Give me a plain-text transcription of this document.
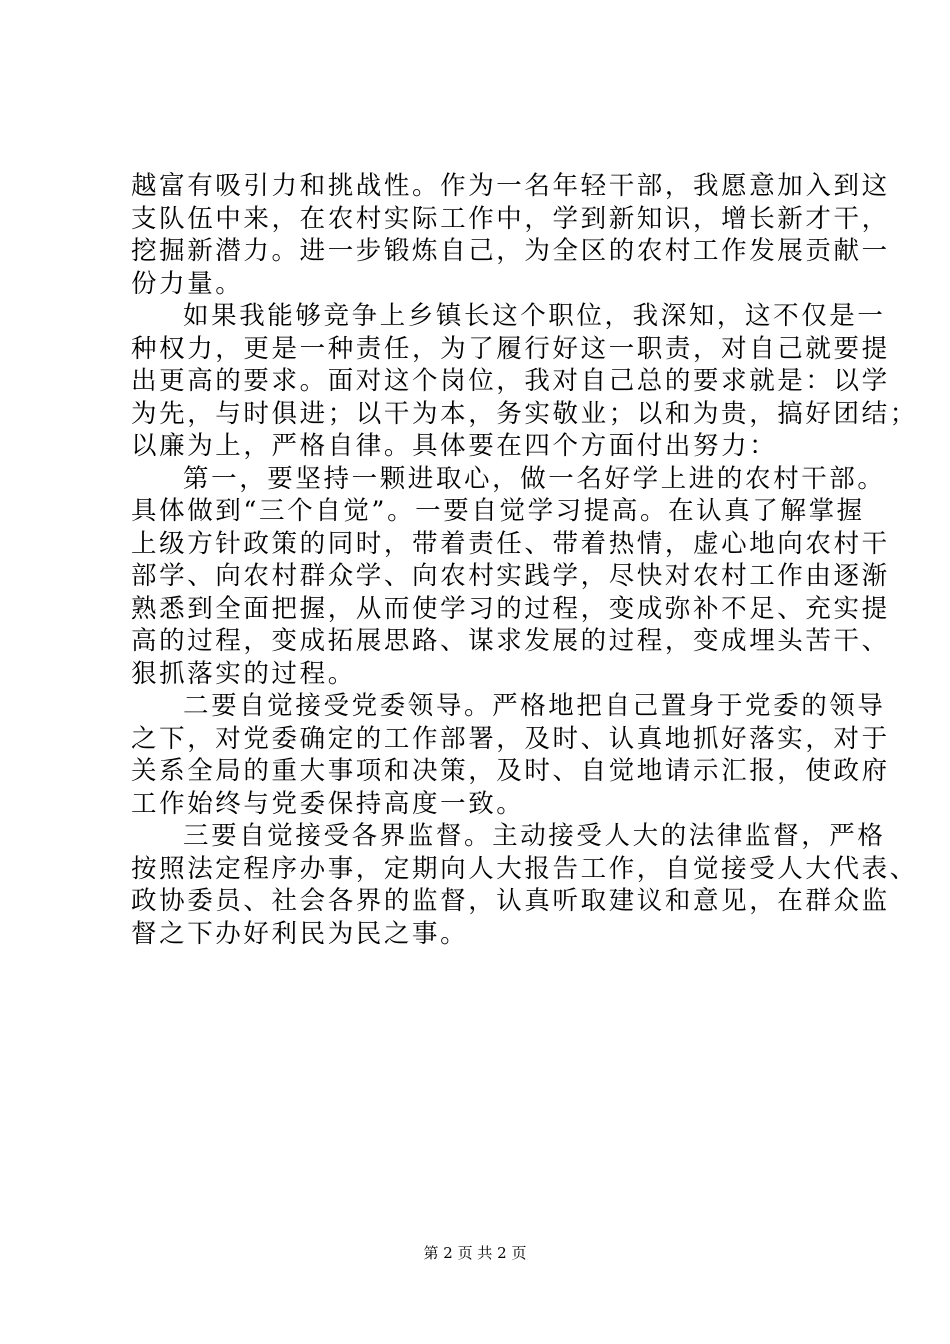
越富有吸引力和挑战性。作为一名年轻干部，我愿意加入到这
支队伍中来，在农村实际工作中，学到新知识，增长新才干，
挖掘新潜力。进一步锻炼自己，为全区的农村工作发展贡献一
份力量。
如果我能够竞争上乡镇长这个职位，我深知，这不仅是一
种权力，更是一种责任，为了履行好这一职责，对自己就要提
出更高的要求。面对这个岗位，我对自己总的要求就是：以学
为先，与时俱进；以干为本，务实敬业；以和为贵，搞好团结；
以廉为上，严格自律。具体要在四个方面付出努力：
第一，要坚持一颗进取心，做一名好学上进的农村干部。
具体做到“三个自觉”。一要自觉学习提高。在认真了解掌握
上级方针政策的同时，带着责任、带着热情，虚心地向农村干
部学、向农村群众学、向农村实践学，尽快对农村工作由逐渐
熟悉到全面把握，从而使学习的过程，变成弥补不足、充实提
高的过程，变成拓展思路、谋求发展的过程，变成埋头苦干、
狠抓落实的过程。
二要自觉接受党委领导。严格地把自己置身于党委的领导
之下，对党委确定的工作部署，及时、认真地抓好落实，对于
关系全局的重大事项和决策，及时、自觉地请示汇报，使政府
工作始终与党委保持高度一致。
三要自觉接受各界监督。主动接受人大的法律监督，严格
按照法定程序办事，定期向人大报告工作，自觉接受人大代表、
政协委员、社会各界的监督，认真听取建议和意见，在群众监
督之下办好利民为民之事。
第 2 页 共 2 页
